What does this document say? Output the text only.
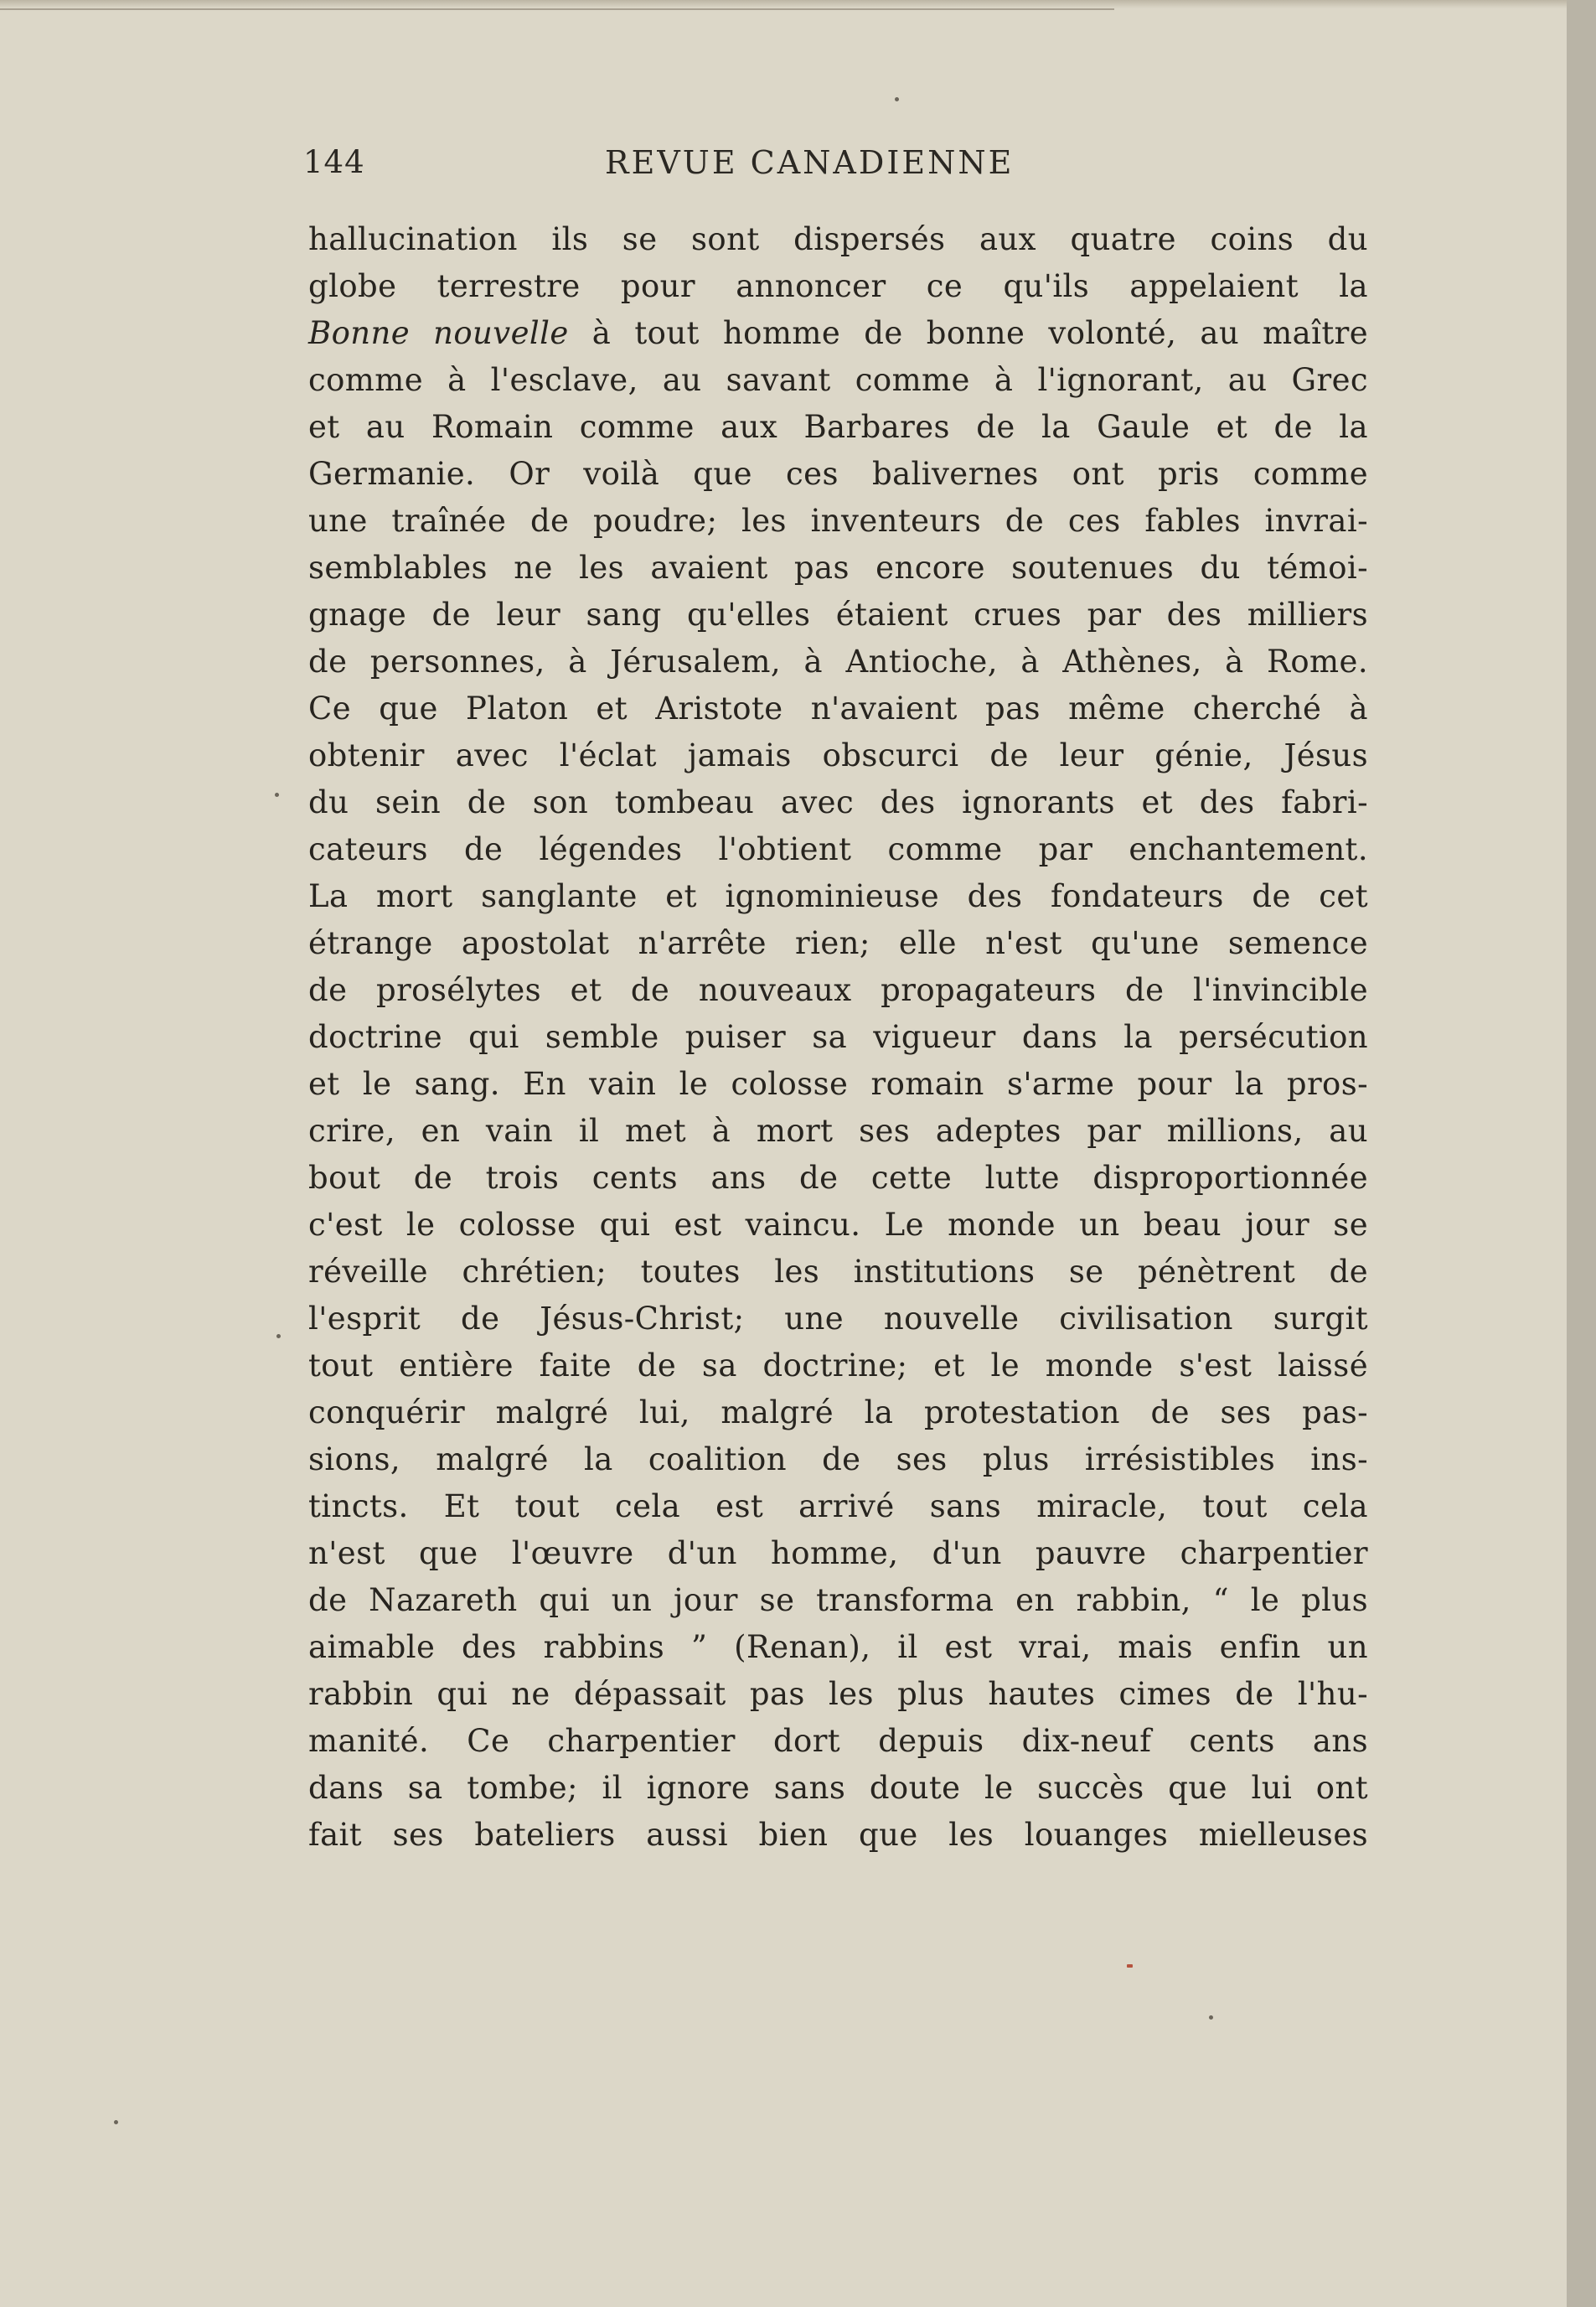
144	REVUE CANADIENNE
hallucination ils se sont dispersés aux quatre coins du
globe terrestre pour annoncer ce qu'ils appelaient la
Bonne nouvelle à tout homme de bonne volonté, au maître
comme à l'esclave, au savant comme à l'ignorant, au Grec
et au Romain comme aux Barbares de la Gaule et de la
Germanie. Or voilà que ces balivernes ont pris comme
une traînée de poudre; les inventeurs de ces fables invrai-
semblables ne les avaient pas encore soutenues du témoi-
gnage de leur sang qu'elles étaient crues par des milliers
de personnes, à Jérusalem, à Antioche, à Athènes, à Rome.
Ce que Platon et Aristote n'avaient pas même cherché à
obtenir avec l'éclat jamais obscurci de leur génie, Jésus
du sein de son tombeau avec des ignorants et des fabri-
cateurs de légendes l'obtient comme par enchantement.
La mort sanglante et ignominieuse des fondateurs de cet
étrange apostolat n'arrête rien; elle n'est qu'une semence
de prosélytes et de nouveaux propagateurs de l'invincible
doctrine qui semble puiser sa vigueur dans la persécution
et le sang. En vain le colosse romain s'arme pour la pros-
crire, en vain il met à mort ses adeptes par millions, au
bout de trois cents ans de cette lutte disproportionnée
c'est le colosse qui est vaincu. Le monde un beau jour se
réveille chrétien; toutes les institutions se pénètrent de
l'esprit de Jésus-Christ; une nouvelle civilisation surgit
tout entière faite de sa doctrine; et le monde s'est laissé
conquérir malgré lui, malgré la protestation de ses pas-
sions, malgré la coalition de ses plus irrésistibles ins-
tincts. Et tout cela est arrivé sans miracle, tout cela
n'est que l'œuvre d'un homme, d'un pauvre charpentier
de Nazareth qui un jour se transforma en rabbin, “ le plus
aimable des rabbins ” (Renan), il est vrai, mais enfin un
rabbin qui ne dépassait pas les plus hautes cimes de l'hu-
manité. Ce charpentier dort depuis dix-neuf cents ans
dans sa tombe; il ignore sans doute le succès que lui ont
fait ses bateliers aussi bien que les louanges mielleuses
